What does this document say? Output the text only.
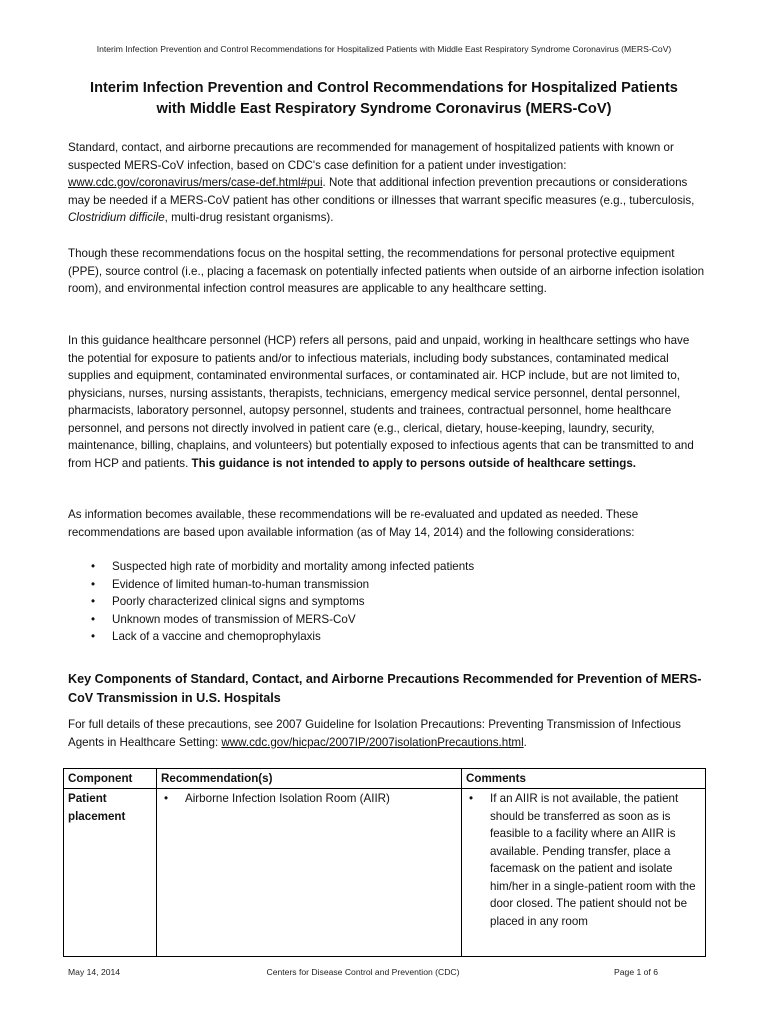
Interim Infection Prevention and Control Recommendations for Hospitalized Patients with Middle East Respiratory Syndrome Coronavirus (MERS-CoV)
Interim Infection Prevention and Control Recommendations for Hospitalized Patients
with Middle East Respiratory Syndrome Coronavirus (MERS-CoV)

Standard, contact, and airborne precautions are recommended for management of hospitalized patients with known or suspected MERS-CoV infection, based on CDC's case definition for a patient under investigation: www.cdc.gov/coronavirus/mers/case-def.html#pui. Note that additional infection prevention precautions or considerations may be needed if a MERS-CoV patient has other conditions or illnesses that warrant specific measures (e.g., tuberculosis, Clostridium difficile, multi-drug resistant organisms).

Though these recommendations focus on the hospital setting, the recommendations for personal protective equipment (PPE), source control (i.e., placing a facemask on potentially infected patients when outside of an airborne infection isolation room), and environmental infection control measures are applicable to any healthcare setting.

In this guidance healthcare personnel (HCP) refers all persons, paid and unpaid, working in healthcare settings who have the potential for exposure to patients and/or to infectious materials, including body substances, contaminated medical supplies and equipment, contaminated environmental surfaces, or contaminated air. HCP include, but are not limited to, physicians, nurses, nursing assistants, therapists, technicians, emergency medical service personnel, dental personnel, pharmacists, laboratory personnel, autopsy personnel, students and trainees, contractual personnel, home healthcare personnel, and persons not directly involved in patient care (e.g., clerical, dietary, house-keeping, laundry, security, maintenance, billing, chaplains, and volunteers) but potentially exposed to infectious agents that can be transmitted to and from HCP and patients. This guidance is not intended to apply to persons outside of healthcare settings.

As information becomes available, these recommendations will be re-evaluated and updated as needed. These recommendations are based upon available information (as of May 14, 2014) and the following considerations:

• Suspected high rate of morbidity and mortality among infected patients
• Evidence of limited human-to-human transmission
• Poorly characterized clinical signs and symptoms
• Unknown modes of transmission of MERS-CoV
• Lack of a vaccine and chemoprophylaxis
Key Components of Standard, Contact, and Airborne Precautions Recommended for Prevention of MERS-CoV Transmission in U.S. Hospitals

For full details of these precautions, see 2007 Guideline for Isolation Precautions: Preventing Transmission of Infectious Agents in Healthcare Setting: www.cdc.gov/hicpac/2007IP/2007isolationPrecautions.html.

Component	Recommendation(s)	Comments
Patient placement	• Airborne Infection Isolation Room (AIIR)	• If an AIIR is not available, the patient should be transferred as soon as is feasible to a facility where an AIIR is available. Pending transfer, place a facemask on the patient and isolate him/her in a single-patient room with the door closed. The patient should not be placed in any room
May 14, 2014	Centers for Disease Control and Prevention (CDC)	Page 1 of 6
